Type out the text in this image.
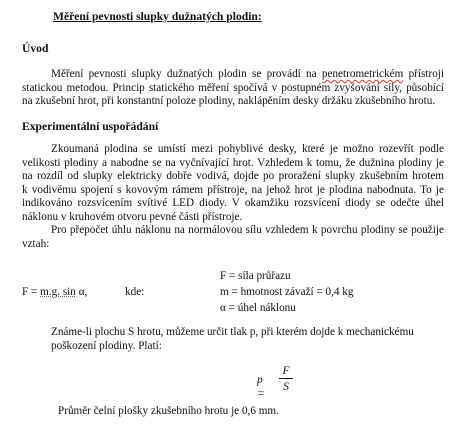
Měření pevnosti slupky dužnatých plodin:
Úvod
Měření pevnosti slupky dužnatých plodin se provádí na penetrometrickém přístroji
statickou metodou. Princip statického měření spočívá v postupném zvyšování síly, působící
na zkušební hrot, při konstantní poloze plodiny, naklápěním desky držáku zkušebního hrotu.
Experimentální uspořádání
Zkoumaná plodina se umístí mezi pohyblivé desky, které je možno rozevřít podle
velikosti plodiny a nabodne se na vyčnívající hrot. Vzhledem k tomu, že dužnina plodiny je
na rozdíl od slupky elektricky dobře vodivá, dojde po proražení slupky zkušebním hrotem
k vodivému spojení s kovovým rámem přístroje, na jehož hrot je plodina nabodnuta. To je
indikováno rozsvícením svítivé LED diody. V okamžiku rozsvícení diody se odečte úhel
náklonu v kruhovém otvoru pevné části přístroje.
Pro přepočet úhlu náklonu na normálovou sílu vzhledem k povrchu plodiny se použije
vztah:
F = m.g. sin α,	kde:
F = síla průřazu
m = hmotnost závaží = 0,4 kg
α = úhel náklonu
Známe-li plochu S hrotu, můžeme určit tlak p, při kterém dojde k mechanickému
poškození plodiny. Platí:
p =
F
S
Průměr čelní plošky zkušebního hrotu je 0,6 mm.
